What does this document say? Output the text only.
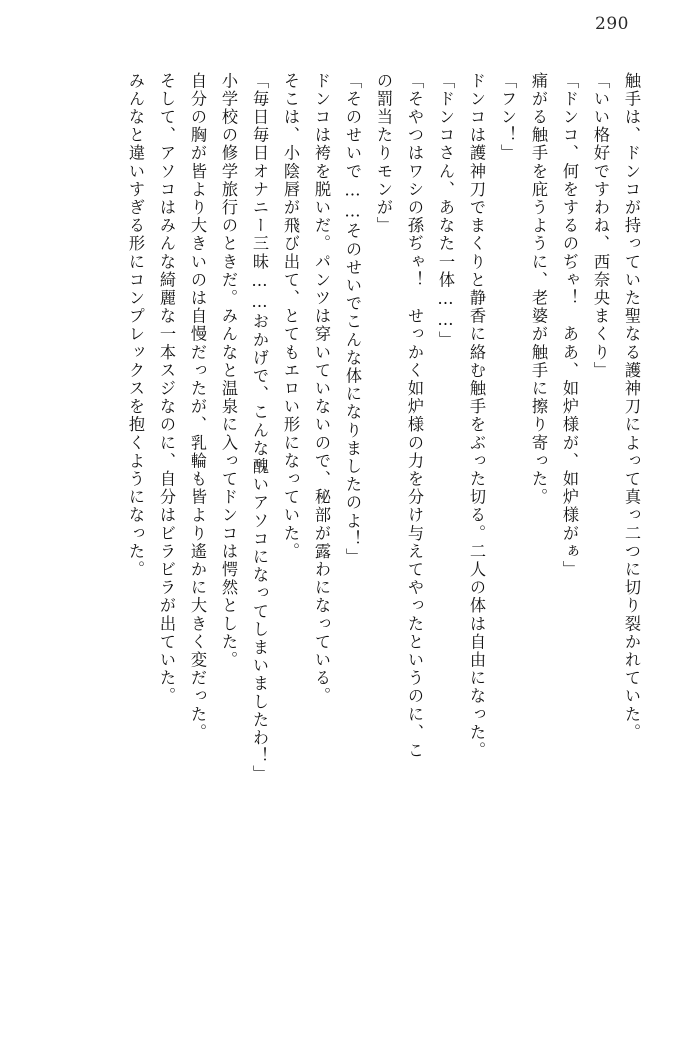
290
触手は、ドンコが持っていた聖なる護神刀によって真っ二つに切り裂かれていた。
「いい格好ですわね、西奈央まくり」
「ドンコ、何をするのぢゃ！　ああ、如炉様が、如炉様がぁ」
痛がる触手を庇うように、老婆が触手に擦り寄った。
「フン！」
ドンコは護神刀でまくりと静香に絡む触手をぶった切る。二人の体は自由になった。
「ドンコさん、あなた一体……」
「そやつはワシの孫ぢゃ！　せっかく如炉様の力を分け与えてやったというのに、こ
の罰当たりモンが」
「そのせいで……そのせいでこんな体になりましたのよ！」
ドンコは袴を脱いだ。パンツは穿いていないので、秘部が露わになっている。
そこは、小陰唇が飛び出て、とてもエロい形になっていた。
「毎日毎日オナニー三昧……おかげで、こんな醜いアソコになってしまいましたわ！」
小学校の修学旅行のときだ。みんなと温泉に入ってドンコは愕然とした。
自分の胸が皆より大きいのは自慢だったが、乳輪も皆より遙かに大きく変だった。
そして、アソコはみんな綺麗な一本スジなのに、自分はビラビラが出ていた。
みんなと違いすぎる形にコンプレックスを抱くようになった。
